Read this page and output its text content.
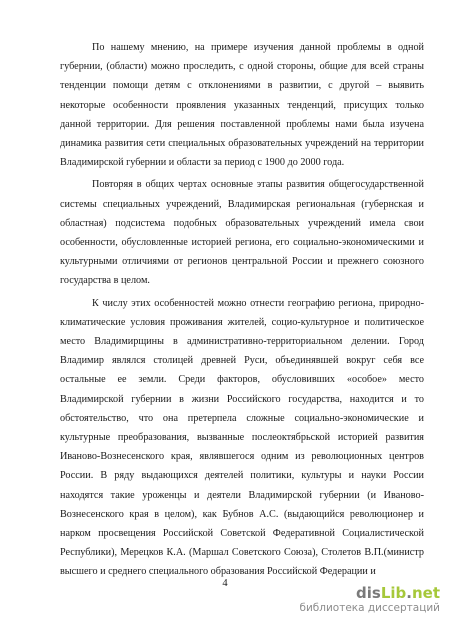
По нашему мнению, на примере изучения данной проблемы в одной губернии, (области) можно проследить, с одной стороны, общие для всей страны тенденции помощи детям с отклонениями в развитии, с другой – выявить некоторые особенности проявления указанных тенденций, присущих только данной территории. Для решения поставленной проблемы нами была изучена динамика развития сети специальных образовательных учреждений на территории Владимирской губернии и области за период с 1900 до 2000 года.

Повторяя в общих чертах основные этапы развития общегосударственной системы специальных учреждений, Владимирская региональная (губернская и областная) подсистема подобных образовательных учреждений имела свои особенности, обусловленные историей региона, его социально-экономическими и культурными отличиями от регионов центральной России и прежнего союзного государства в целом.

К числу этих особенностей можно отнести географию региона, природно-климатические условия проживания жителей, социо-культурное и политическое место Владимирщины в административно-территориальном делении. Город Владимир являлся столицей древней Руси, объединявшей вокруг себя все остальные ее земли. Среди факторов, обусловивших «особое» место Владимирской губернии в жизни Российского государства, находится и то обстоятельство, что она претерпела сложные социально-экономические и культурные преобразования, вызванные послеоктябрьской историей развития Иваново-Вознесенского края, являвшегося одним из революционных центров России. В ряду выдающихся деятелей политики, культуры и науки России находятся такие уроженцы и деятели Владимирской губернии (и Иваново-Вознесенского края в целом), как Бубнов А.С. (выдающийся революционер и нарком просвещения Российской Советской Федеративной Социалистической Республики), Мерецков К.А. (Маршал Советского Союза), Столетов В.П.(министр высшего и среднего специального образования Российской Федерации и

4
disLib.net
библиотека диссертаций
